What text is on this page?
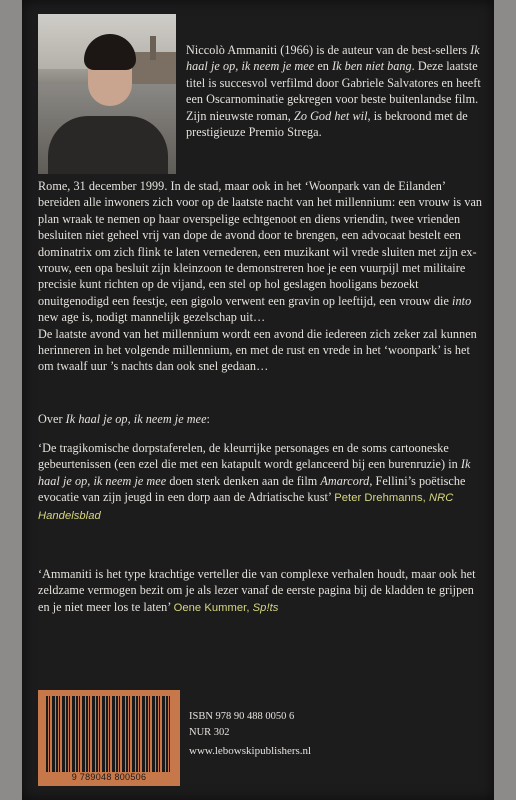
Niccolò Ammaniti (1966) is de auteur van de best-sellers Ik haal je op, ik neem je mee en Ik ben niet bang. Deze laatste titel is succesvol verfilmd door Gabriele Salvatores en heeft een Oscarnominatie gekregen voor beste buitenlandse film.
Zijn nieuwste roman, Zo God het wil, is bekroond met de prestigieuze Premio Strega.

Rome, 31 december 1999. In de stad, maar ook in het ‘Woonpark van de Eilanden’ bereiden alle inwoners zich voor op de laatste nacht van het millennium: een vrouw is van plan wraak te nemen op haar overspelige echtgenoot en diens vriendin, twee vrienden besluiten niet geheel vrij van dope de avond door te brengen, een advocaat bestelt een dominatrix om zich flink te laten vernederen, een muzikant wil vrede sluiten met zijn ex-vrouw, een opa besluit zijn kleinzoon te demonstreren hoe je een vuurpijl met militaire precisie kunt richten op de vijand, een stel op hol geslagen hooligans bezoekt onuitgenodigd een feestje, een gigolo verwent een gravin op leeftijd, een vrouw die into new age is, nodigt mannelijk gezelschap uit…
De laatste avond van het millennium wordt een avond die iedereen zich zeker zal kunnen herinneren in het volgende millennium, en met de rust en vrede in het ‘woonpark’ is het om twaalf uur ’s nachts dan ook snel gedaan…

Over Ik haal je op, ik neem je mee:

‘De tragikomische dorpstaferelen, de kleurrijke personages en de soms cartooneske gebeurtenissen (een ezel die met een katapult wordt gelanceerd bij een burenruzie) in Ik haal je op, ik neem je mee doen sterk denken aan de film Amarcord, Fellini’s poëtische evocatie van zijn jeugd in een dorp aan de Adriatische kust’ Peter Drehmanns, NRC Handelsblad

‘Ammaniti is het type krachtige verteller die van complexe verhalen houdt, maar ook het zeldzame vermogen bezit om je als lezer vanaf de eerste pagina bij de kladden te grijpen en je niet meer los te laten’ Oene Kummer, Sp!ts

9 789048 800506
ISBN 978 90 488 0050 6
NUR 302
www.lebowskipublishers.nl
